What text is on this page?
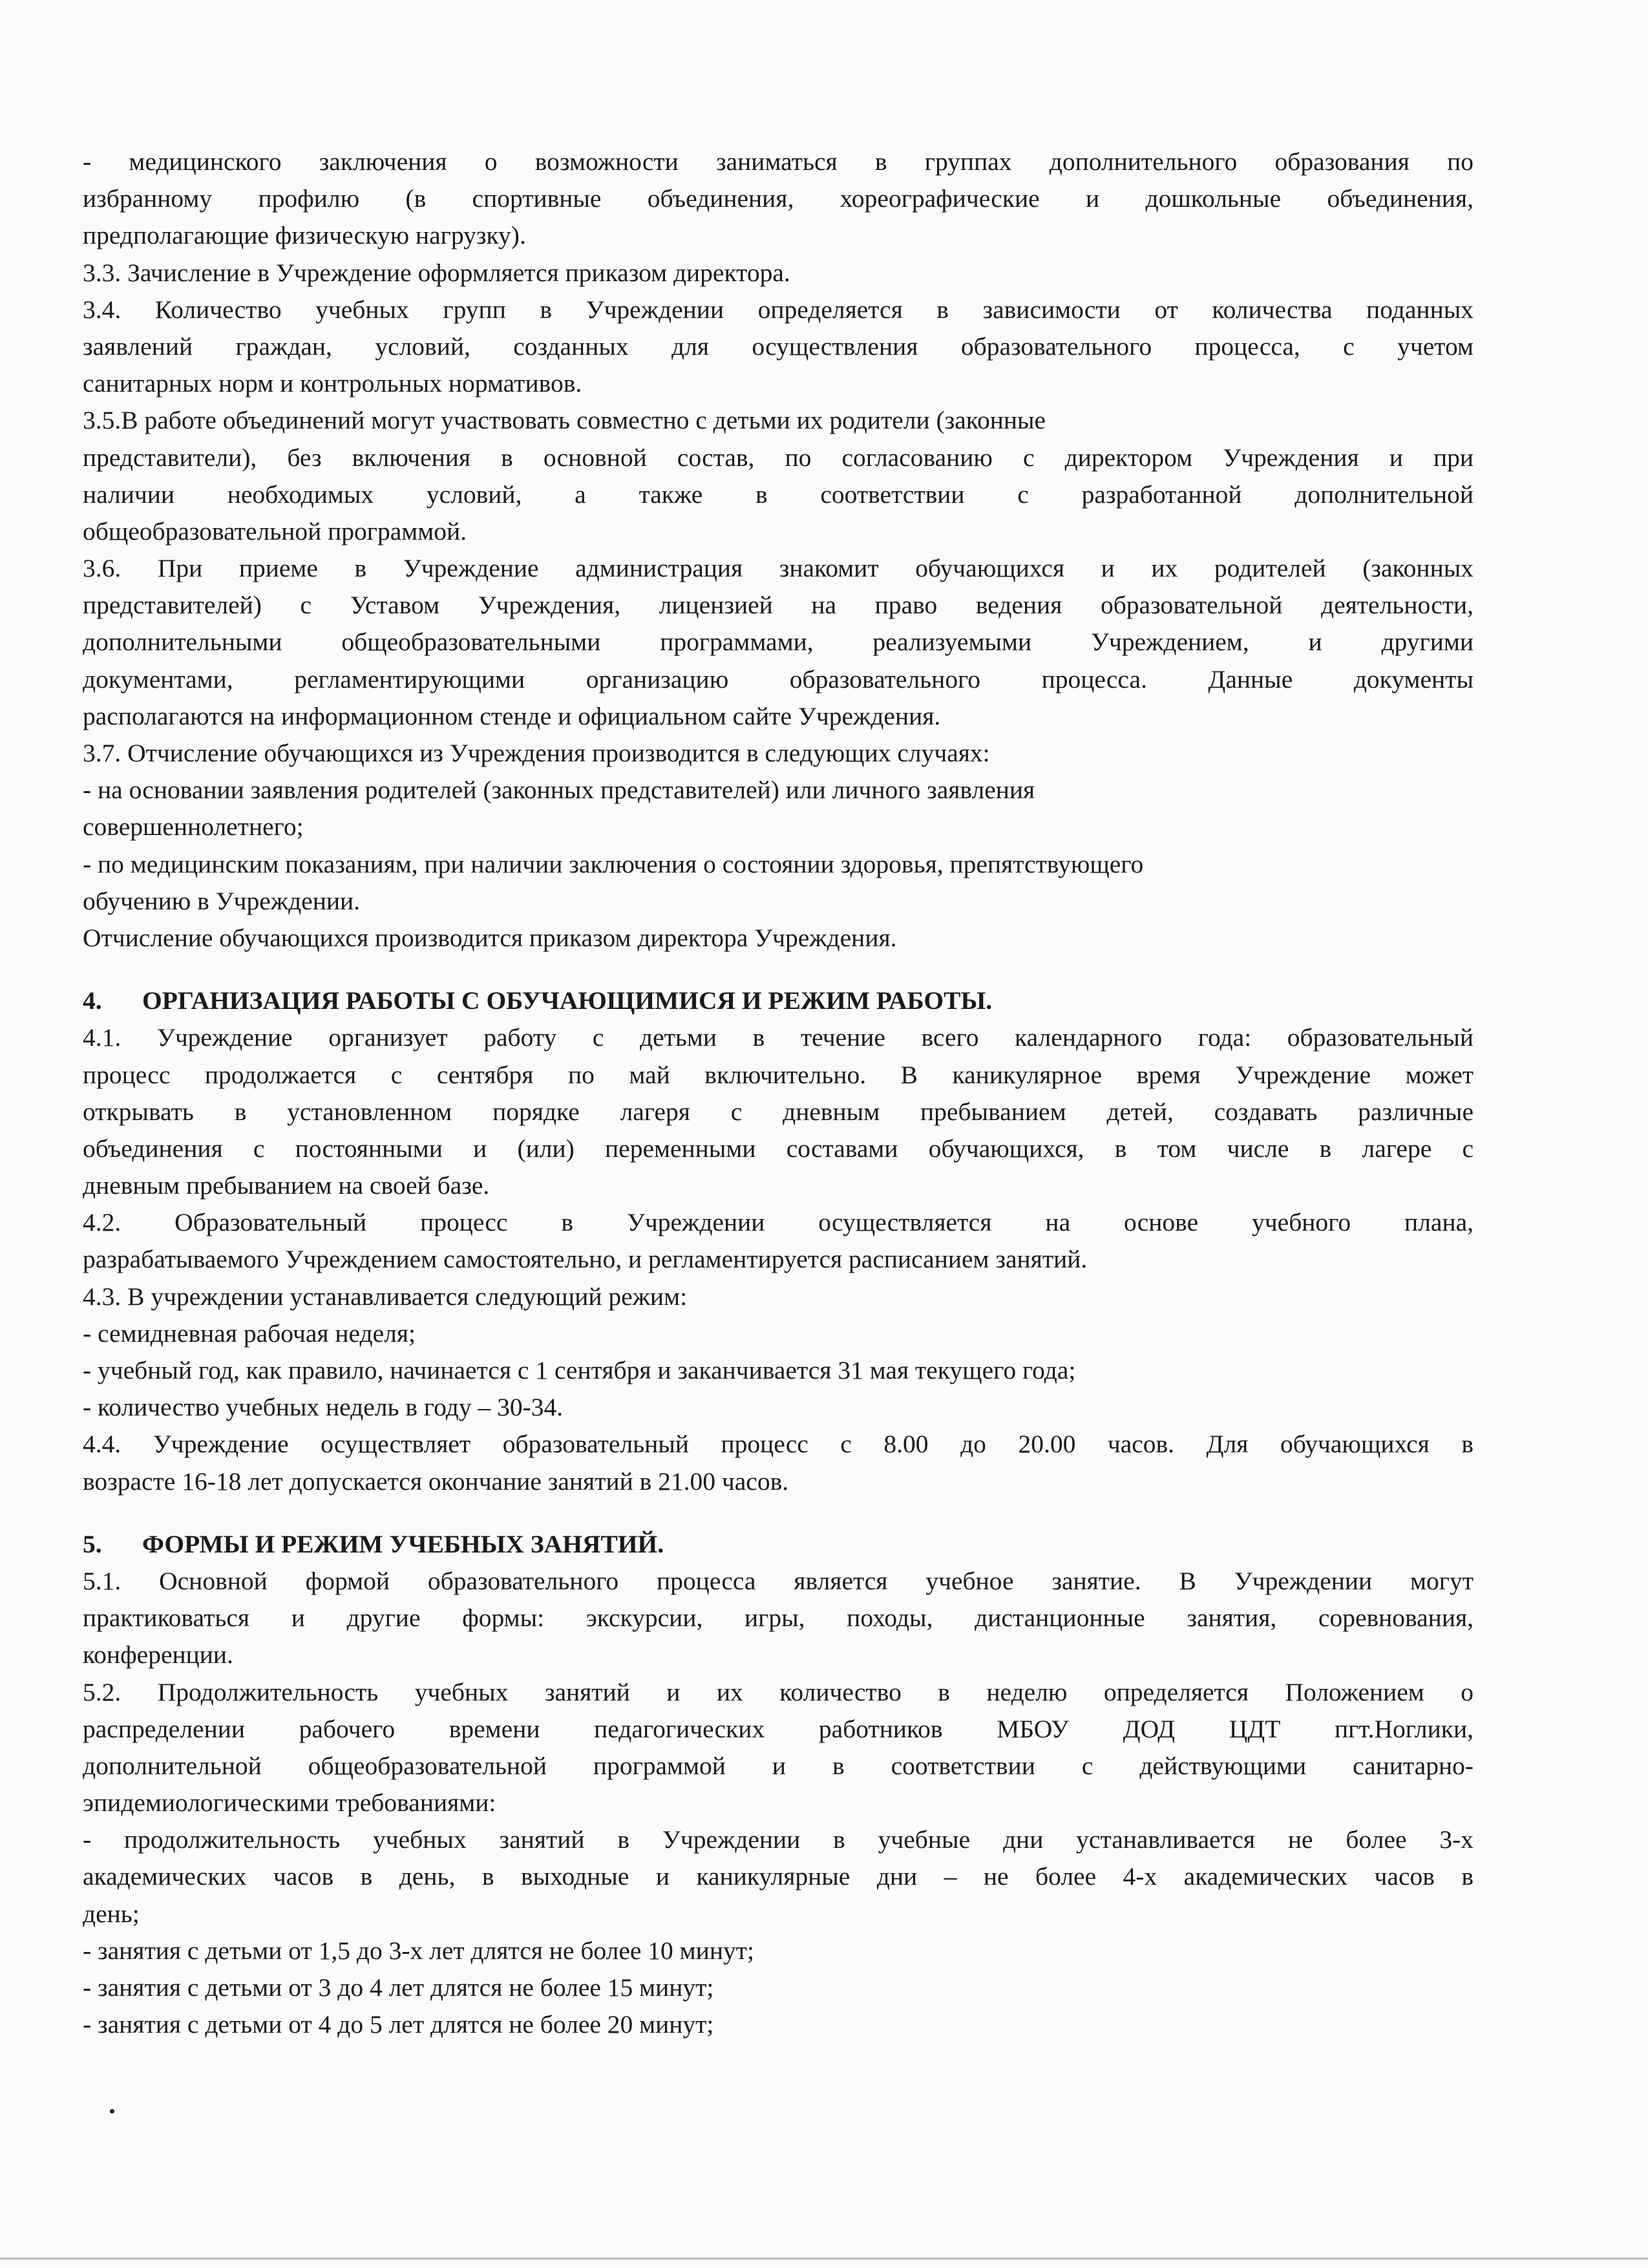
- медицинского заключения о возможности заниматься в группах дополнительного образования по
избранному профилю (в спортивные объединения, хореографические и дошкольные объединения,
предполагающие физическую нагрузку).
3.3. Зачисление в Учреждение оформляется приказом директора.
3.4. Количество учебных групп в Учреждении определяется в зависимости от количества поданных
заявлений граждан, условий, созданных для осуществления образовательного процесса, с учетом
санитарных норм и контрольных нормативов.
3.5.В работе объединений могут участвовать совместно с детьми их родители (законные
представители), без включения в основной состав, по согласованию с директором Учреждения и при
наличии необходимых условий, а также в соответствии с разработанной дополнительной
общеобразовательной программой.
3.6. При приеме в Учреждение администрация знакомит обучающихся и их родителей (законных
представителей) с Уставом Учреждения, лицензией на право ведения образовательной деятельности,
дополнительными общеобразовательными программами, реализуемыми Учреждением, и другими
документами, регламентирующими организацию образовательного процесса. Данные документы
располагаются на информационном стенде и официальном сайте Учреждения.
3.7. Отчисление обучающихся из Учреждения производится в следующих случаях:
- на основании заявления родителей (законных представителей) или личного заявления
совершеннолетнего;
- по медицинским показаниям, при наличии заключения о состоянии здоровья, препятствующего
обучению в Учреждении.
Отчисление обучающихся производится приказом директора Учреждения.
4. ОРГАНИЗАЦИЯ РАБОТЫ С ОБУЧАЮЩИМИСЯ И РЕЖИМ РАБОТЫ.
4.1. Учреждение организует работу с детьми в течение всего календарного года: образовательный
процесс продолжается с сентября по май включительно. В каникулярное время Учреждение может
открывать в установленном порядке лагеря с дневным пребыванием детей, создавать различные
объединения с постоянными и (или) переменными составами обучающихся, в том числе в лагере с
дневным пребыванием на своей базе.
4.2. Образовательный процесс в Учреждении осуществляется на основе учебного плана,
разрабатываемого Учреждением самостоятельно, и регламентируется расписанием занятий.
4.3. В учреждении устанавливается следующий режим:
- семидневная рабочая неделя;
- учебный год, как правило, начинается с 1 сентября и заканчивается 31 мая текущего года;
- количество учебных недель в году – 30-34.
4.4. Учреждение осуществляет образовательный процесс с 8.00 до 20.00 часов. Для обучающихся в
возрасте 16-18 лет допускается окончание занятий в 21.00 часов.
5. ФОРМЫ И РЕЖИМ УЧЕБНЫХ ЗАНЯТИЙ.
5.1. Основной формой образовательного процесса является учебное занятие. В Учреждении могут
практиковаться и другие формы: экскурсии, игры, походы, дистанционные занятия, соревнования,
конференции.
5.2. Продолжительность учебных занятий и их количество в неделю определяется Положением о
распределении рабочего времени педагогических работников МБОУ ДОД ЦДТ пгт.Ноглики,
дополнительной общеобразовательной программой и в соответствии с действующими санитарно-
эпидемиологическими требованиями:
- продолжительность учебных занятий в Учреждении в учебные дни устанавливается не более 3-х
академических часов в день, в выходные и каникулярные дни – не более 4-х академических часов в
день;
- занятия с детьми от 1,5 до 3-х лет длятся не более 10 минут;
- занятия с детьми от 3 до 4 лет длятся не более 15 минут;
- занятия с детьми от 4 до 5 лет длятся не более 20 минут;
